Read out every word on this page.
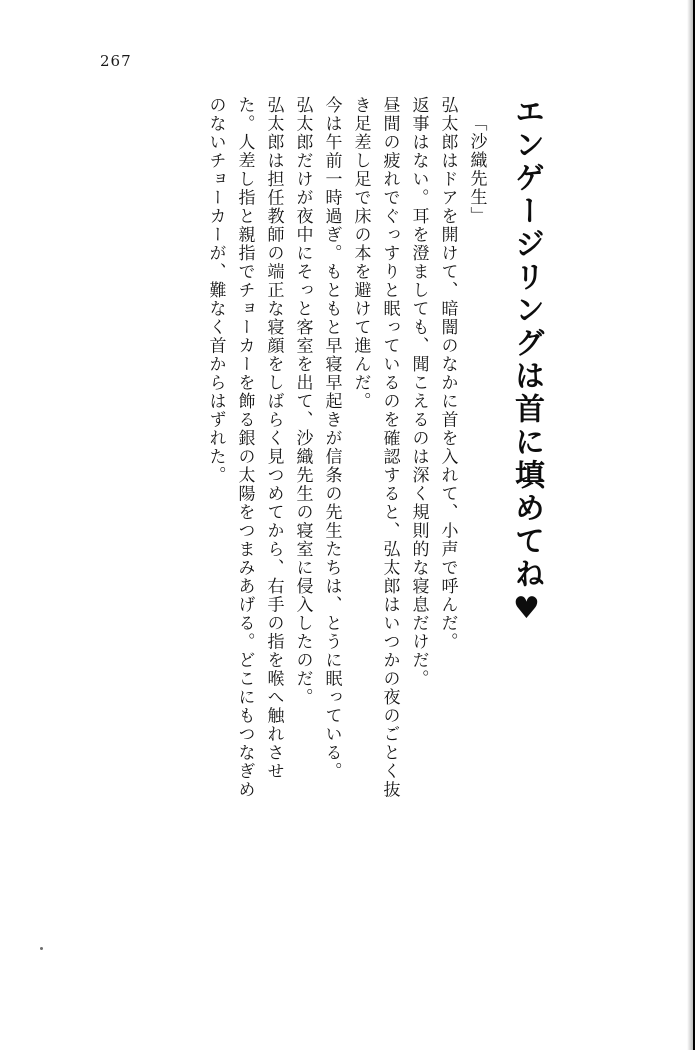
267
エンゲージリングは首に填めてね♥
「沙織先生」
弘太郎はドアを開けて、暗闇のなかに首を入れて、小声で呼んだ。
返事はない。耳を澄ましても、聞こえるのは深く規則的な寝息だけだ。
昼間の疲れでぐっすりと眠っているのを確認すると、弘太郎はいつかの夜のごとく抜
き足差し足で床の本を避けて進んだ。
今は午前一時過ぎ。もともと早寝早起きが信条の先生たちは、とうに眠っている。
弘太郎だけが夜中にそっと客室を出て、沙織先生の寝室に侵入したのだ。
弘太郎は担任教師の端正な寝顔をしばらく見つめてから、右手の指を喉へ触れさせ
た。人差し指と親指でチョーカーを飾る銀の太陽をつまみあげる。どこにもつなぎめ
のないチョーカーが、難なく首からはずれた。
